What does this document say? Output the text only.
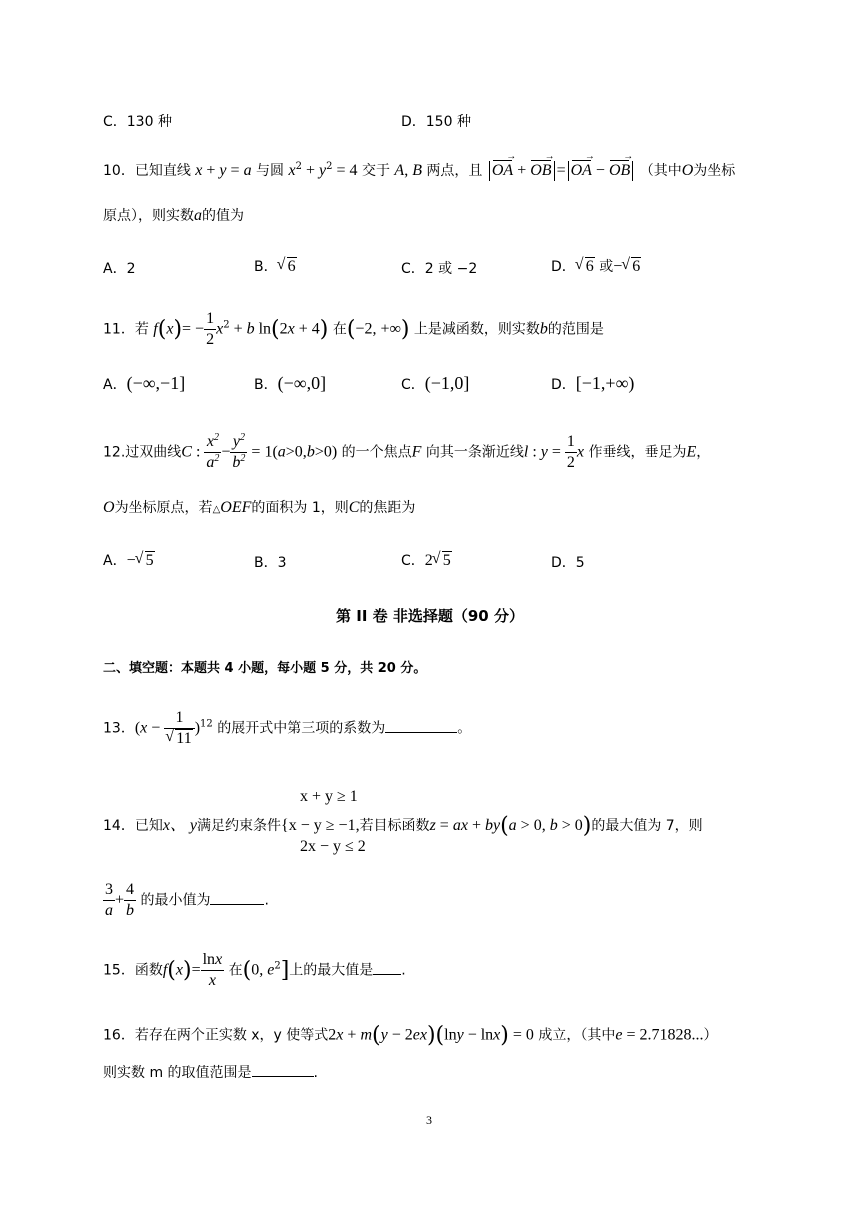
C．130 种	D．150 种
10．已知直线 x + y = a 与圆 $x^2 + y^2 = 4$ 交于 A, B 两点，且 OA → + OB → = OA → − OB → （其中O为坐标
原点），则实数a的值为
A．2	B． √ 6	C．2 或 −2	D． √ 6 或− √ 6
11．若 $f(x)= - \frac{1}{2} x^2 + b$ ln(2x + 4) 在(−2, +∞) 上是减函数，则实数b的范围是
A．(−∞,−1]	B．(−∞,0]	C．(−1,0]	D．[−1,+∞)
12.过双曲线C : $\frac{x^2}{a^2} - \frac{y^2}{b^2} = 1(a>0,b>0)$ 的一个焦点F 向其一条渐近线l : $y = \frac{1}{2}$ x 作垂线，垂足为E，
O为坐标原点，若△OEF的面积为 1，则C的焦距为
A．− √ 5	B．3	C．2 √ 5	D．5
第 II 卷 非选择题（90 分）
二、填空题：本题共 4 小题，每小题 5 分，共 20 分。
13．(x − 1
√ 11 )$^{12}$ 的展开式中第三项的系数为	。
x + y ≥ 1
14．已知x、 y满足约束条件{x − y ≥ −1,若目标函数z = ax + by(a > 0, b > 0)的最大值为 7，则
2x − y ≤ 2
$\frac{3}{a} + \frac{4}{b}$ 的最小值为	.
15．函数$f(x)= \frac{\ln x}{x}$ 在(0, $e^2$]上的最大值是 .
16．若存在两个正实数 x，y 使等式2x + m(y − 2ex)(lny − lnx) = 0 成立，（其中e = 2.71828...）
则实数 m 的取值范围是	.
3
